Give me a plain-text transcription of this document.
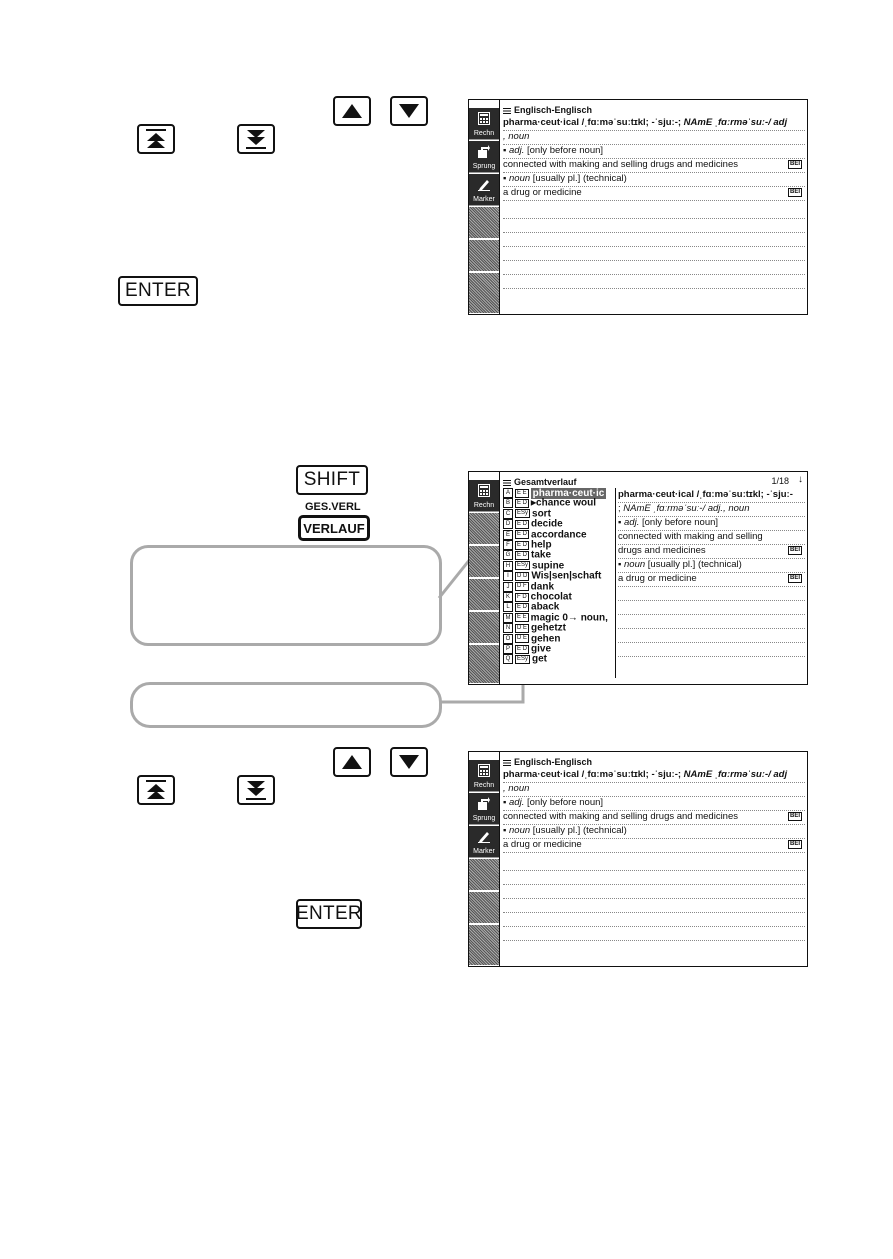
ENTER
Rechn
Sprung
Marker
Englisch-Englisch
pharma·ceut·ical /ˌfɑːməˈsuːtɪkl; -ˈsjuː-; NAmE ˌfɑːrməˈsuː-/ adj
, noun
▪ adj. [only before noun]
connected with making and selling drugs and medicines	BEI
▪ noun [usually pl.] (technical)
a drug or medicine	BEI
SHIFT
GES.VERL
VERLAUF
Rechn
Gesamtverlauf	1/18 ↓
A E E pharma·ceut·ic
B E D ▸chance woul
C ESy sort
D E D decide
E E D accordance
F E D help
G E D take
H ESy supine
I D D Wis|sen|schaft
J D F dank
K F D chocolat
L E D aback
M E E magic 0→ noun,
N D E gehetzt
O D E gehen
P E D give
Q ESy get
pharma·ceut·ical /ˌfɑːməˈsuːtɪkl; -ˈsjuː-
; NAmE ˌfɑːrməˈsuː-/ adj., noun
▪ adj. [only before noun]
connected with making and selling
drugs and medicines	BEI
▪ noun [usually pl.] (technical)
a drug or medicine	BEI
ENTER
Rechn
Sprung
Marker
Englisch-Englisch
pharma·ceut·ical /ˌfɑːməˈsuːtɪkl; -ˈsjuː-; NAmE ˌfɑːrməˈsuː-/ adj
, noun
▪ adj. [only before noun]
connected with making and selling drugs and medicines	BEI
▪ noun [usually pl.] (technical)
a drug or medicine	BEI
